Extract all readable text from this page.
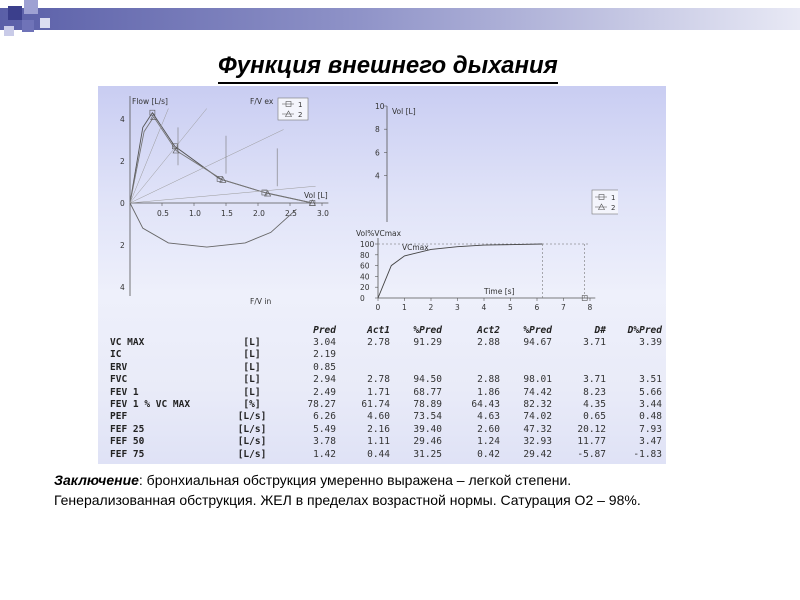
Функция внешнего дыхания
Flow [L/s]	F/V ex
F/V in
Vol [L]
1
2
0.5	1.0	1.5	2.0	2.5	3.0
4
2
0
2
4
Vol [L]
1
2
Vol%VCmax
VCmax
Time [s]
10
8
6
4
100
80
60
40
20
0
0	1	2	3	4	5	6	7	8
		Pred	Act1	%Pred	Act2	%Pred	D#	D%Pred
VC MAX	[L]	3.04	2.78	91.29	2.88	94.67	3.71	3.39
IC	[L]	2.19						
ERV	[L]	0.85						
FVC	[L]	2.94	2.78	94.50	2.88	98.01	3.71	3.51
FEV 1	[L]	2.49	1.71	68.77	1.86	74.42	8.23	5.66
FEV 1 % VC MAX	[%]	78.27	61.74	78.89	64.43	82.32	4.35	3.44
PEF	[L/s]	6.26	4.60	73.54	4.63	74.02	0.65	0.48
FEF 25	[L/s]	5.49	2.16	39.40	2.60	47.32	20.12	7.93
FEF 50	[L/s]	3.78	1.11	29.46	1.24	32.93	11.77	3.47
FEF 75	[L/s]	1.42	0.44	31.25	0.42	29.42	-5.87	-1.83
Заключение: бронхиальная обструкция умеренно выражена – легкой степени.
Генерализованная обструкция. ЖЕЛ в пределах возрастной нормы. Сатурация О2 – 98%.
